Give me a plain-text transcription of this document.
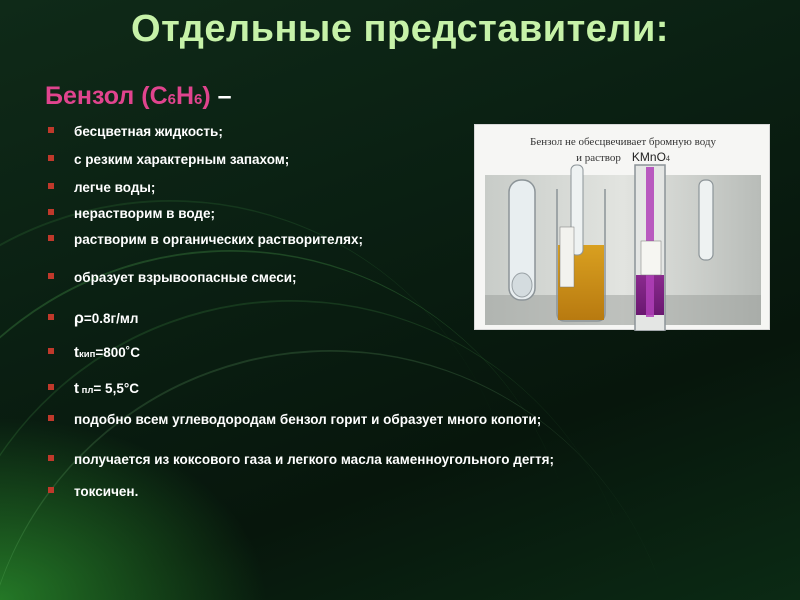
Отдельные представители:
Бензол (С6Н6) –
бесцветная жидкость;
с резким характерным запахом;
легче воды;
нерастворим в воде;
растворим в органических растворителях;
образует взрывоопасные смеси;
ρ=0.8г/мл
tкип=800˚С
t пл= 5,5°С
подобно всем углеводородам бензол горит и образует много копоти;
получается из коксового газа и легкого масла каменноугольного дегтя;
токсичен.
Бензол не обесцвечивает бромную воду
и раствор KMnO4
